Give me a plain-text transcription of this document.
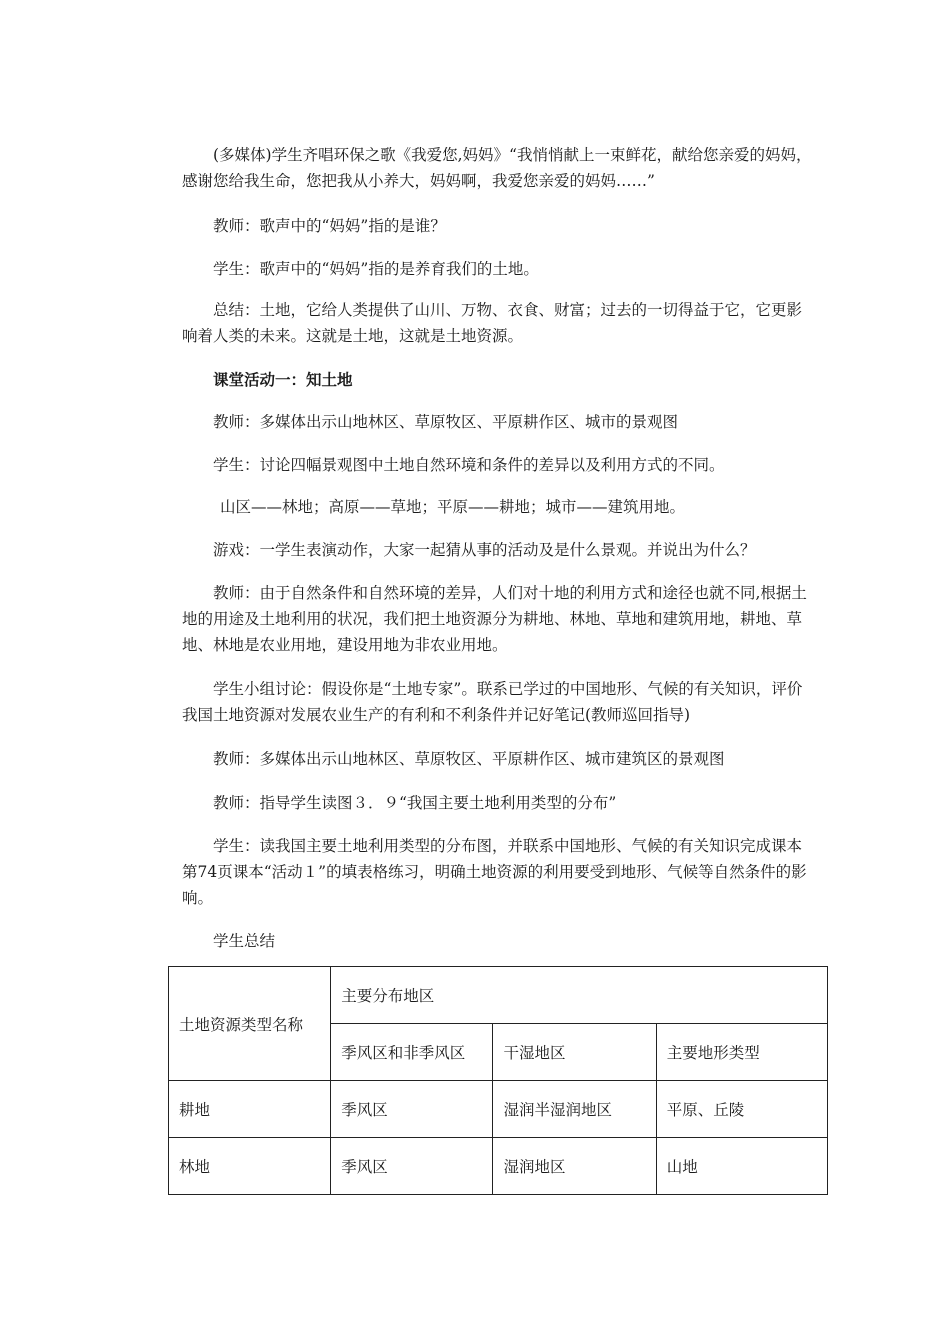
(多媒体)学生齐唱环保之歌《我爱您,妈妈》“我悄悄献上一束鲜花，献给您亲爱的妈妈，感谢您给我生命，您把我从小养大，妈妈啊，我爱您亲爱的妈妈……”

教师：歌声中的“妈妈”指的是谁？

学生：歌声中的“妈妈”指的是养育我们的土地。

总结：土地，它给人类提供了山川、万物、衣食、财富；过去的一切得益于它，它更影响着人类的未来。这就是土地，这就是土地资源。

课堂活动一：知土地

教师：多媒体出示山地林区、草原牧区、平原耕作区、城市的景观图

学生：讨论四幅景观图中土地自然环境和条件的差异以及利用方式的不同。

山区——林地；高原——草地；平原——耕地；城市——建筑用地。

游戏：一学生表演动作，大家一起猜从事的活动及是什么景观。并说出为什么？

教师：由于自然条件和自然环境的差异，人们对十地的利用方式和途径也就不同,根据土地的用途及土地利用的状况，我们把土地资源分为耕地、林地、草地和建筑用地，耕地、草地、林地是农业用地，建设用地为非农业用地。

学生小组讨论：假设你是“土地专家”。联系已学过的中国地形、气候的有关知识，评价我国土地资源对发展农业生产的有利和不利条件并记好笔记(教师巡回指导)

教师：多媒体出示山地林区、草原牧区、平原耕作区、城市建筑区的景观图

教师：指导学生读图３．９“我国主要土地利用类型的分布”

学生：读我国主要土地利用类型的分布图，并联系中国地形、气候的有关知识完成课本第74页课本“活动１”的填表格练习，明确土地资源的利用要受到地形、气候等自然条件的影响。

学生总结

土地资源类型名称	主要分布地区		
	季风区和非季风区	干湿地区	主要地形类型
耕地	季风区	湿润半湿润地区	平原、丘陵
林地	季风区	湿润地区	山地
